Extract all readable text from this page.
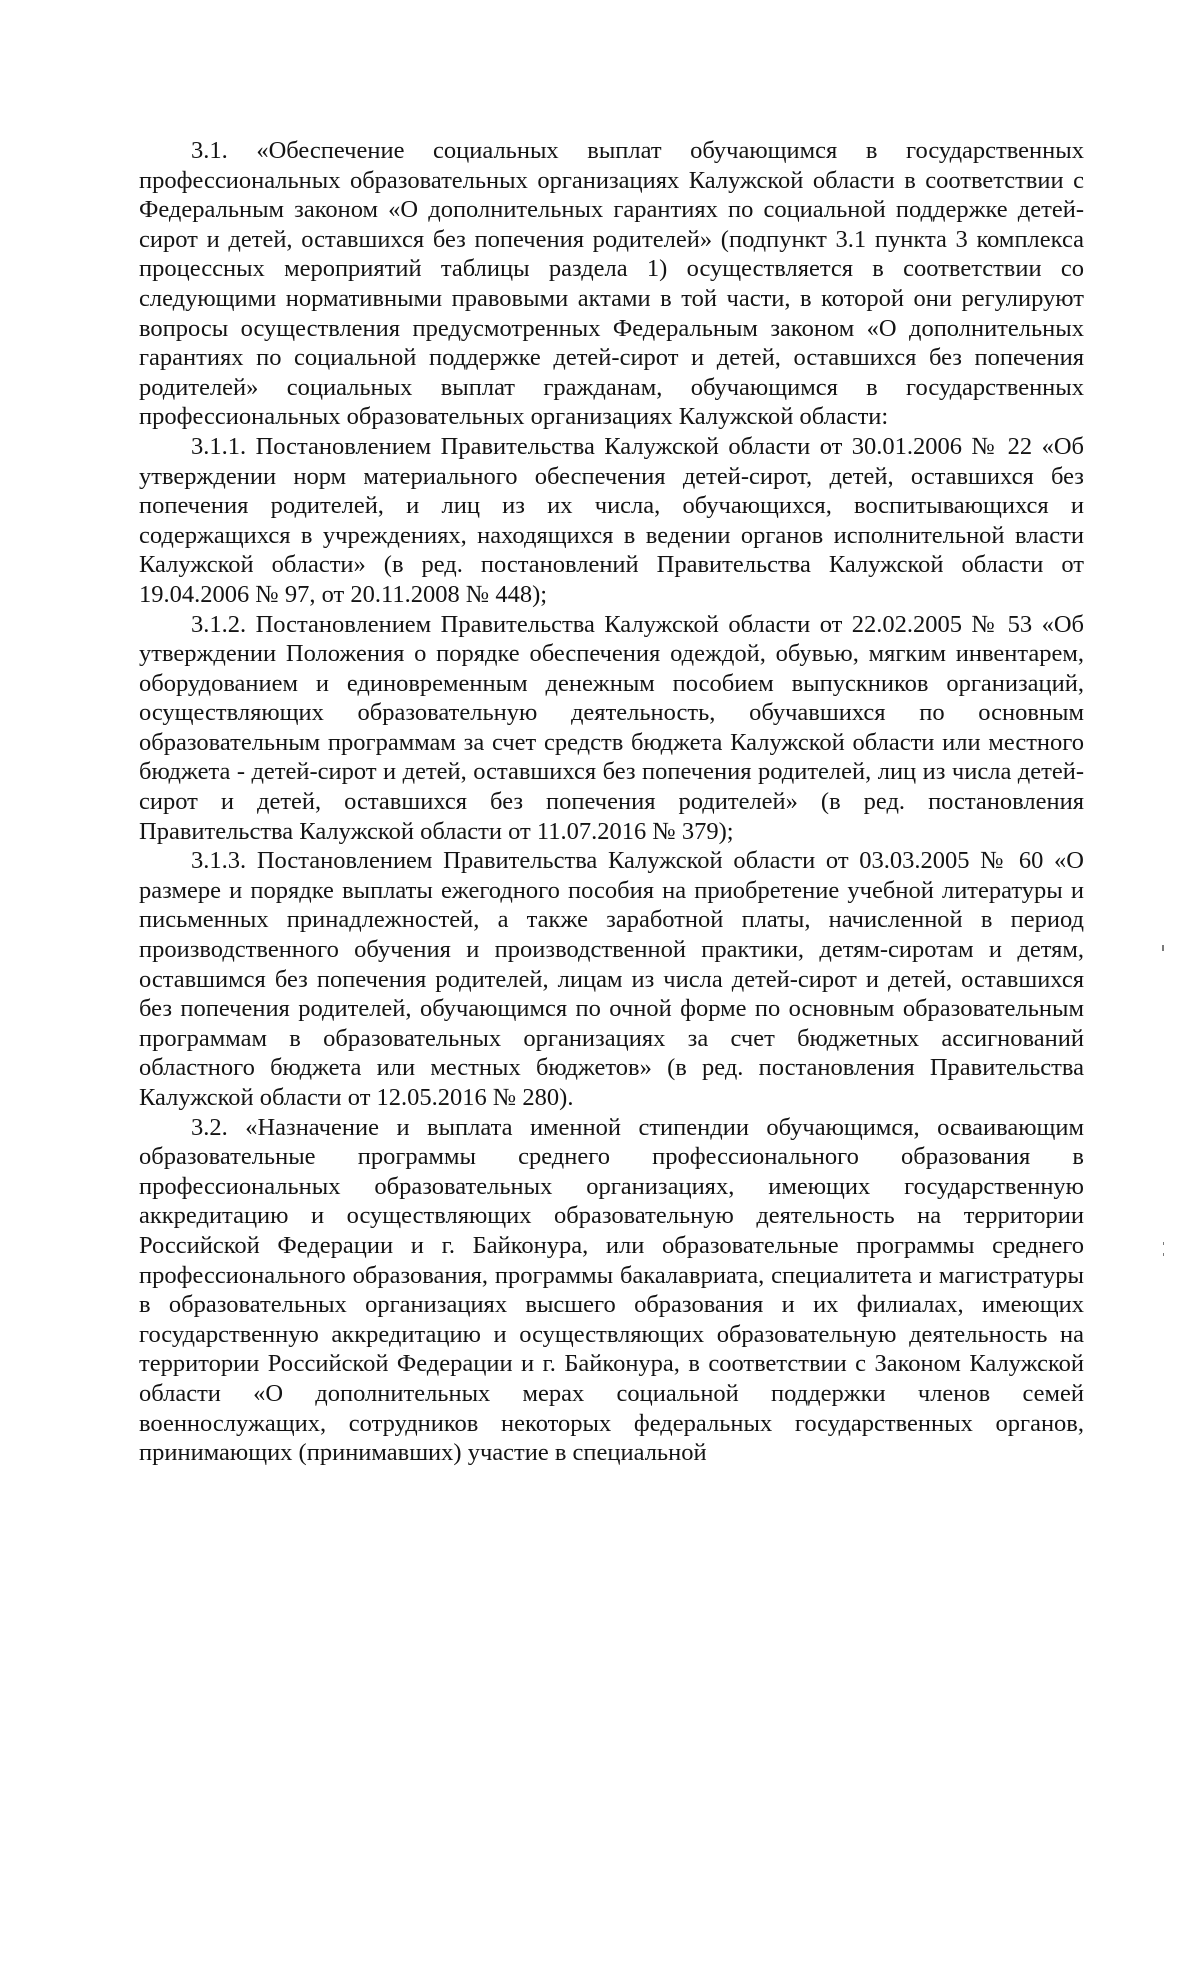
3.1. «Обеспечение социальных выплат обучающимся в государственных профессиональных образовательных организациях Калужской области в соответствии с Федеральным законом «О дополнительных гарантиях по социальной поддержке детей-сирот и детей, оставшихся без попечения родителей» (подпункт 3.1 пункта 3 комплекса процессных мероприятий таблицы раздела 1) осуществляется в соответствии со следующими нормативными правовыми актами в той части, в которой они регулируют вопросы осуществления предусмотренных Федеральным законом «О дополнительных гарантиях по социальной поддержке детей-сирот и детей, оставшихся без попечения родителей» социальных выплат гражданам, обучающимся в государственных профессиональных образовательных организациях Калужской области:

3.1.1. Постановлением Правительства Калужской области от 30.01.2006 № 22 «Об утверждении норм материального обеспечения детей-сирот, детей, оставшихся без попечения родителей, и лиц из их числа, обучающихся, воспитывающихся и содержащихся в учреждениях, находящихся в ведении органов исполнительной власти Калужской области» (в ред. постановлений Правительства Калужской области от 19.04.2006 № 97, от 20.11.2008 № 448);

3.1.2. Постановлением Правительства Калужской области от 22.02.2005 № 53 «Об утверждении Положения о порядке обеспечения одеждой, обувью, мягким инвентарем, оборудованием и единовременным денежным пособием выпускников организаций, осуществляющих образовательную деятельность, обучавшихся по основным образовательным программам за счет средств бюджета Калужской области или местного бюджета - детей-сирот и детей, оставшихся без попечения родителей, лиц из числа детей-сирот и детей, оставшихся без попечения родителей» (в ред. постановления Правительства Калужской области от 11.07.2016 № 379);

3.1.3. Постановлением Правительства Калужской области от 03.03.2005 № 60 «О размере и порядке выплаты ежегодного пособия на приобретение учебной литературы и письменных принадлежностей, а также заработной платы, начисленной в период производственного обучения и производственной практики, детям-сиротам и детям, оставшимся без попечения родителей, лицам из числа детей-сирот и детей, оставшихся без попечения родителей, обучающимся по очной форме по основным образовательным программам в образовательных организациях за счет бюджетных ассигнований областного бюджета или местных бюджетов» (в ред. постановления Правительства Калужской области от 12.05.2016 № 280).

3.2. «Назначение и выплата именной стипендии обучающимся, осваивающим образовательные программы среднего профессионального образования в профессиональных образовательных организациях, имеющих государственную аккредитацию и осуществляющих образовательную деятельность на территории Российской Федерации и г. Байконура, или образовательные программы среднего профессионального образования, программы бакалавриата, специалитета и магистратуры в образовательных организациях высшего образования и их филиалах, имеющих государственную аккредитацию и осуществляющих образовательную деятельность на территории Российской Федерации и г. Байконура, в соответствии с Законом Калужской области «О дополнительных мерах социальной поддержки членов семей военнослужащих, сотрудников некоторых федеральных государственных органов, принимающих (принимавших) участие в специальной
